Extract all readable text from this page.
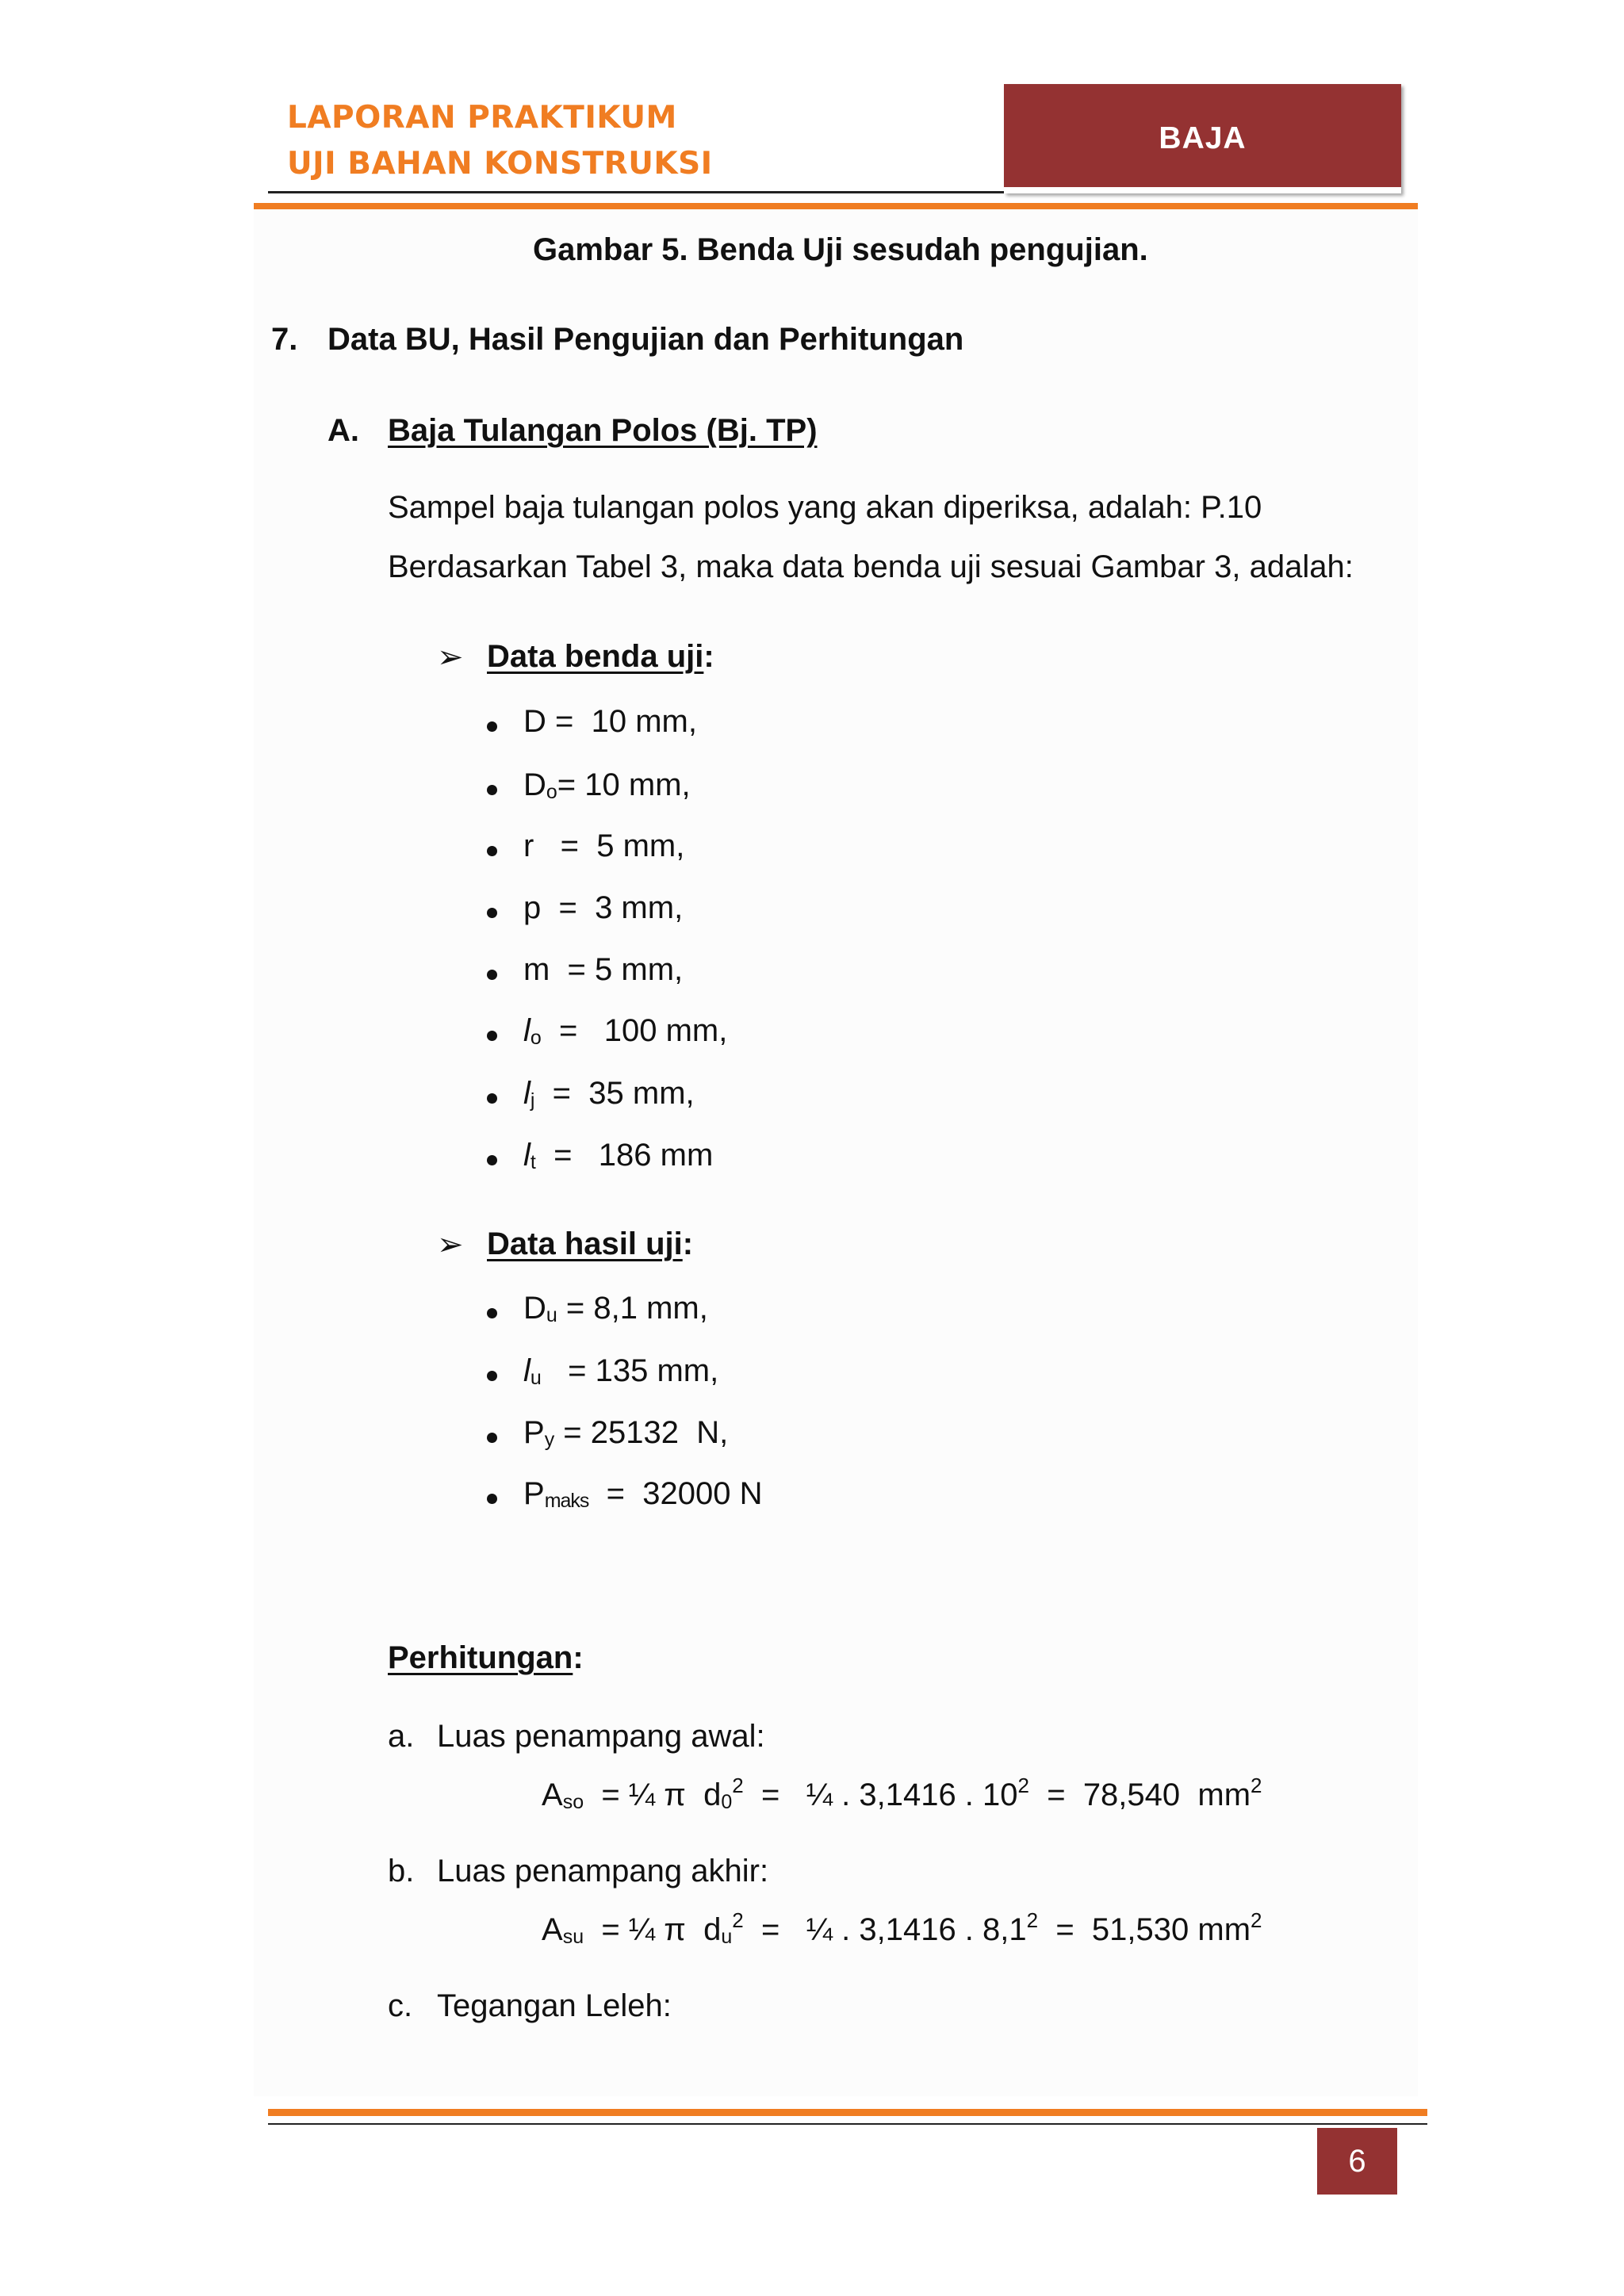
LAPORAN PRAKTIKUM
UJI BAHAN KONSTRUKSI
BAJA
Gambar 5. Benda Uji sesudah pengujian.
7. Data BU, Hasil Pengujian dan Perhitungan
A. Baja Tulangan Polos (Bj. TP)
Sampel baja tulangan polos yang akan diperiksa, adalah: P.10
Berdasarkan Tabel 3, maka data benda uji sesuai Gambar 3, adalah:
➢ Data benda uji:
D =  10 mm,
$D_o= 10$ mm,
r   =  5 mm,
p  =  3 mm,
m  = 5 mm,
$l_o = 100$ mm,
$l_j = 35$ mm,
$l_t = 186$ mm
➢ Data hasil uji:
$D_u = 8,1$ mm,
$l_u = 135$ mm,
$P_y = 25132$  N,
$P_{maks} = 32000$ N
Perhitungan:
a. Luas penampang awal:
$A_{so}$  = ¼ π  $d_0^2$  =   ¼ . 3,1416 . $10^2 = 78,540$  $mm^2$
b. Luas penampang akhir:
$A_{su}$  = ¼ π  $d_u^2$  =   ¼ . 3,1416 . $8,1^2 = 51,530$ $mm^2$
c. Tegangan Leleh:
6
